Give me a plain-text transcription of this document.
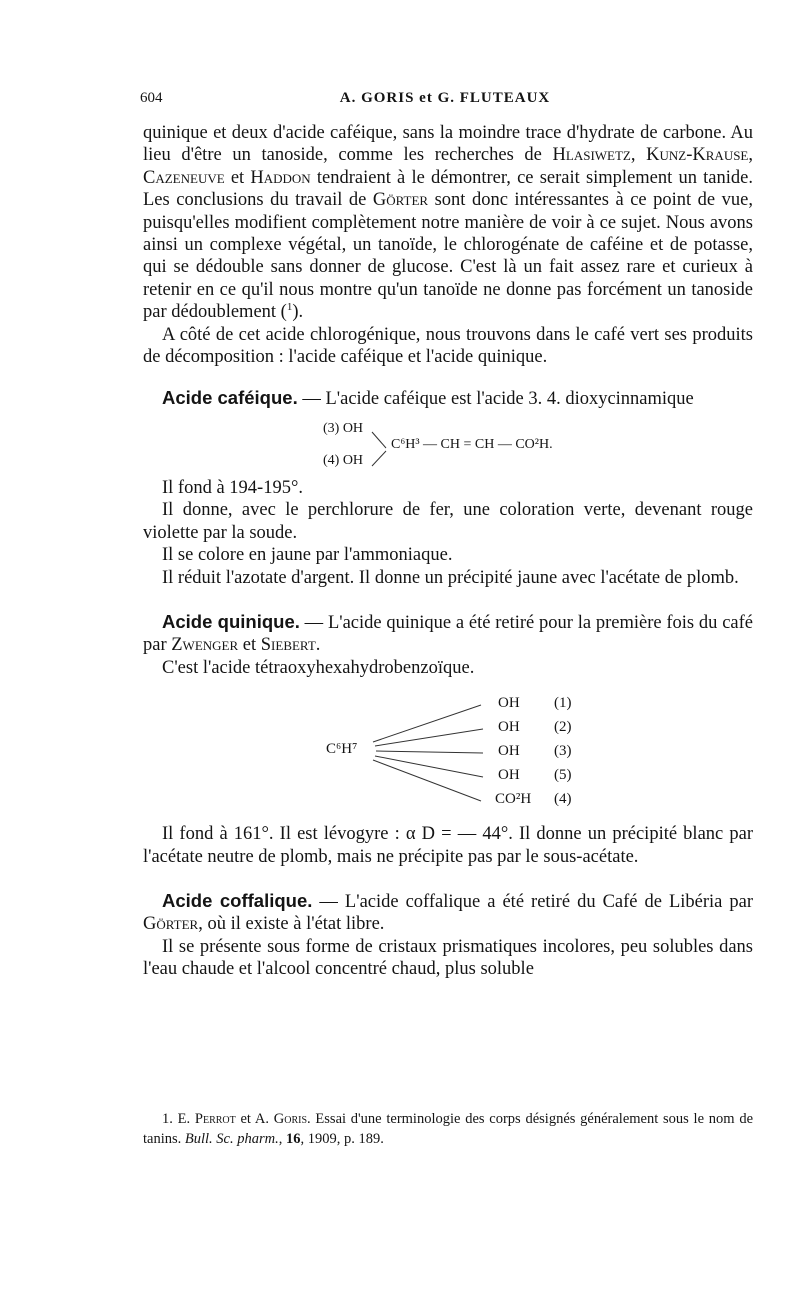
604	A. GORIS et G. FLUTEAUX

quinique et deux d'acide caféique, sans la moindre trace d'hydrate de carbone. Au lieu d'être un tanoside, comme les recherches de Hlasiwetz, Kunz-Krause, Cazeneuve et Haddon tendraient à le démontrer, ce serait simplement un tanide. Les conclusions du travail de Görter sont donc intéressantes à ce point de vue, puisqu'elles modifient complètement notre manière de voir à ce sujet. Nous avons ainsi un complexe végétal, un tanoïde, le chlorogénate de caféine et de potasse, qui se dédouble sans donner de glucose. C'est là un fait assez rare et curieux à retenir en ce qu'il nous montre qu'un tanoïde ne donne pas forcément un tanoside par dédoublement ($^1$).

A côté de cet acide chlorogénique, nous trouvons dans le café vert ses produits de décomposition : l'acide caféique et l'acide quinique.

Acide caféique. — L'acide caféique est l'acide 3. 4. dioxycinnamique

(3) OH
(4) OH
C⁶H³ — CH = CH — CO²H.

Il fond à 194-195°.

Il donne, avec le perchlorure de fer, une coloration verte, devenant rouge violette par la soude.

Il se colore en jaune par l'ammoniaque.

Il réduit l'azotate d'argent. Il donne un précipité jaune avec l'acétate de plomb.

Acide quinique. — L'acide quinique a été retiré pour la première fois du café par Zwenger et Siebert.

C'est l'acide tétraoxyhexahydrobenzoïque.

C⁶H⁷
OH (1)
OH (2)
OH (3)
OH (5)
CO²H (4)

Il fond à 161°. Il est lévogyre : α D = — 44°. Il donne un précipité blanc par l'acétate neutre de plomb, mais ne précipite pas par le sous-acétate.

Acide coffalique. — L'acide coffalique a été retiré du Café de Libéria par Görter, où il existe à l'état libre.

Il se présente sous forme de cristaux prismatiques incolores, peu solubles dans l'eau chaude et l'alcool concentré chaud, plus soluble

1. E. Perrot et A. Goris. Essai d'une terminologie des corps désignés généralement sous le nom de tanins. Bull. Sc. pharm., 16, 1909, p. 189.
